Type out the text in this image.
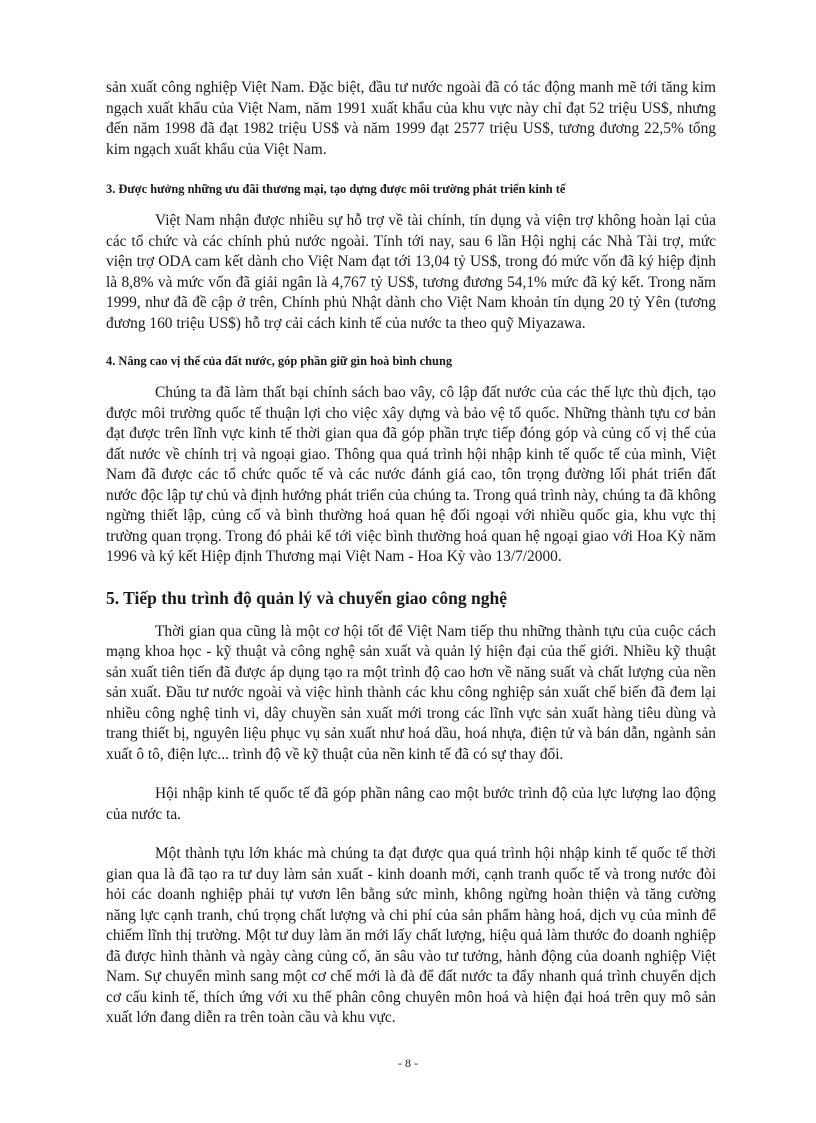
sản xuất công nghiệp Việt Nam. Đặc biệt, đầu tư nước ngoài đã có tác động manh mẽ tới tăng kim ngạch xuất khẩu của Việt Nam, năm 1991 xuất khẩu của khu vực này chỉ đạt 52 triệu US$, nhưng đến năm 1998 đã đạt 1982 triệu US$ và năm 1999 đạt 2577 triệu US$, tương đương 22,5% tổng kim ngạch xuất khẩu của Việt Nam.

3. Được hưởng những ưu đãi thương mại, tạo dựng được môi trường phát triển kinh tế

Việt Nam nhận được nhiều sự hỗ trợ về tài chính, tín dụng và viện trợ không hoàn lại của các tổ chức và các chính phủ nước ngoài. Tính tới nay, sau 6 lần Hội nghị các Nhà Tài trợ, mức viện trợ ODA cam kết dành cho Việt Nam đạt tới 13,04 tỷ US$, trong đó mức vốn đã ký hiệp định là 8,8% và mức vốn đã giải ngân là 4,767 tỷ US$, tương đương 54,1% mức đã ký kết. Trong năm 1999, như đã đề cập ở trên, Chính phủ Nhật dành cho Việt Nam khoản tín dụng 20 tỷ Yên (tương đương 160 triệu US$) hỗ trợ cải cách kinh tế của nước ta theo quỹ Miyazawa.

4. Nâng cao vị thế của đất nước, góp phần giữ gìn hoà bình chung

Chúng ta đã làm thất bại chính sách bao vây, cô lập đất nước của các thế lực thù địch, tạo được môi trường quốc tế thuận lợi cho việc xây dựng và bảo vệ tổ quốc. Những thành tựu cơ bản đạt được trên lĩnh vực kinh tế thời gian qua đã góp phần trực tiếp đóng góp và củng cố vị thế của đất nước về chính trị và ngoại giao. Thông qua quá trình hội nhập kinh tế quốc tế của mình, Việt Nam đã được các tổ chức quốc tế và các nước đánh giá cao, tôn trọng đường lối phát triển đất nước độc lập tự chủ và định hướng phát triển của chúng ta. Trong quá trình này, chúng ta đã không ngừng thiết lập, củng cố và bình thường hoá quan hệ đối ngoại với nhiều quốc gia, khu vực thị trường quan trọng. Trong đó phải kể tới việc bình thường hoá quan hệ ngoại giao với Hoa Kỳ năm 1996 và ký kết Hiệp định Thương mại Việt Nam - Hoa Kỳ vào 13/7/2000.

5. Tiếp thu trình độ quản lý và chuyển giao công nghệ

Thời gian qua cũng là một cơ hội tốt để Việt Nam tiếp thu những thành tựu của cuộc cách mạng khoa học - kỹ thuật và công nghệ sản xuất và quản lý hiện đại của thế giới. Nhiều kỹ thuật sản xuất tiên tiến đã được áp dụng tạo ra một trình độ cao hơn về năng suất và chất lượng của nền sản xuất. Đầu tư nước ngoài và việc hình thành các khu công nghiệp sản xuất chế biến đã đem lại nhiều công nghệ tinh vi, dây chuyền sản xuất mới trong các lĩnh vực sản xuất hàng tiêu dùng và trang thiết bị, nguyên liệu phục vụ sản xuất như hoá dầu, hoá nhựa, điện tử và bán dẫn, ngành sản xuất ô tô, điện lực... trình độ về kỹ thuật của nền kinh tế đã có sự thay đổi.

Hội nhập kinh tế quốc tế đã góp phần nâng cao một bước trình độ của lực lượng lao động của nước ta.

Một thành tựu lớn khác mà chúng ta đạt được qua quá trình hội nhập kinh tế quốc tế thời gian qua là đã tạo ra tư duy làm sản xuất - kinh doanh mới, cạnh tranh quốc tế và trong nước đòi hỏi các doanh nghiệp phải tự vươn lên bằng sức mình, không ngừng hoàn thiện và tăng cường năng lực cạnh tranh, chú trọng chất lượng và chi phí của sản phẩm hàng hoá, dịch vụ của mình để chiếm lĩnh thị trường. Một tư duy làm ăn mới lấy chất lượng, hiệu quả làm thước đo doanh nghiệp đã được hình thành và ngày càng củng cố, ăn sâu vào tư tưởng, hành động của doanh nghiệp Việt Nam. Sự chuyển mình sang một cơ chế mới là đà để đất nước ta đẩy nhanh quá trình chuyển dịch cơ cấu kinh tế, thích ứng với xu thế phân công chuyên môn hoá và hiện đại hoá trên quy mô sản xuất lớn đang diễn ra trên toàn cầu và khu vực.

- 8 -
